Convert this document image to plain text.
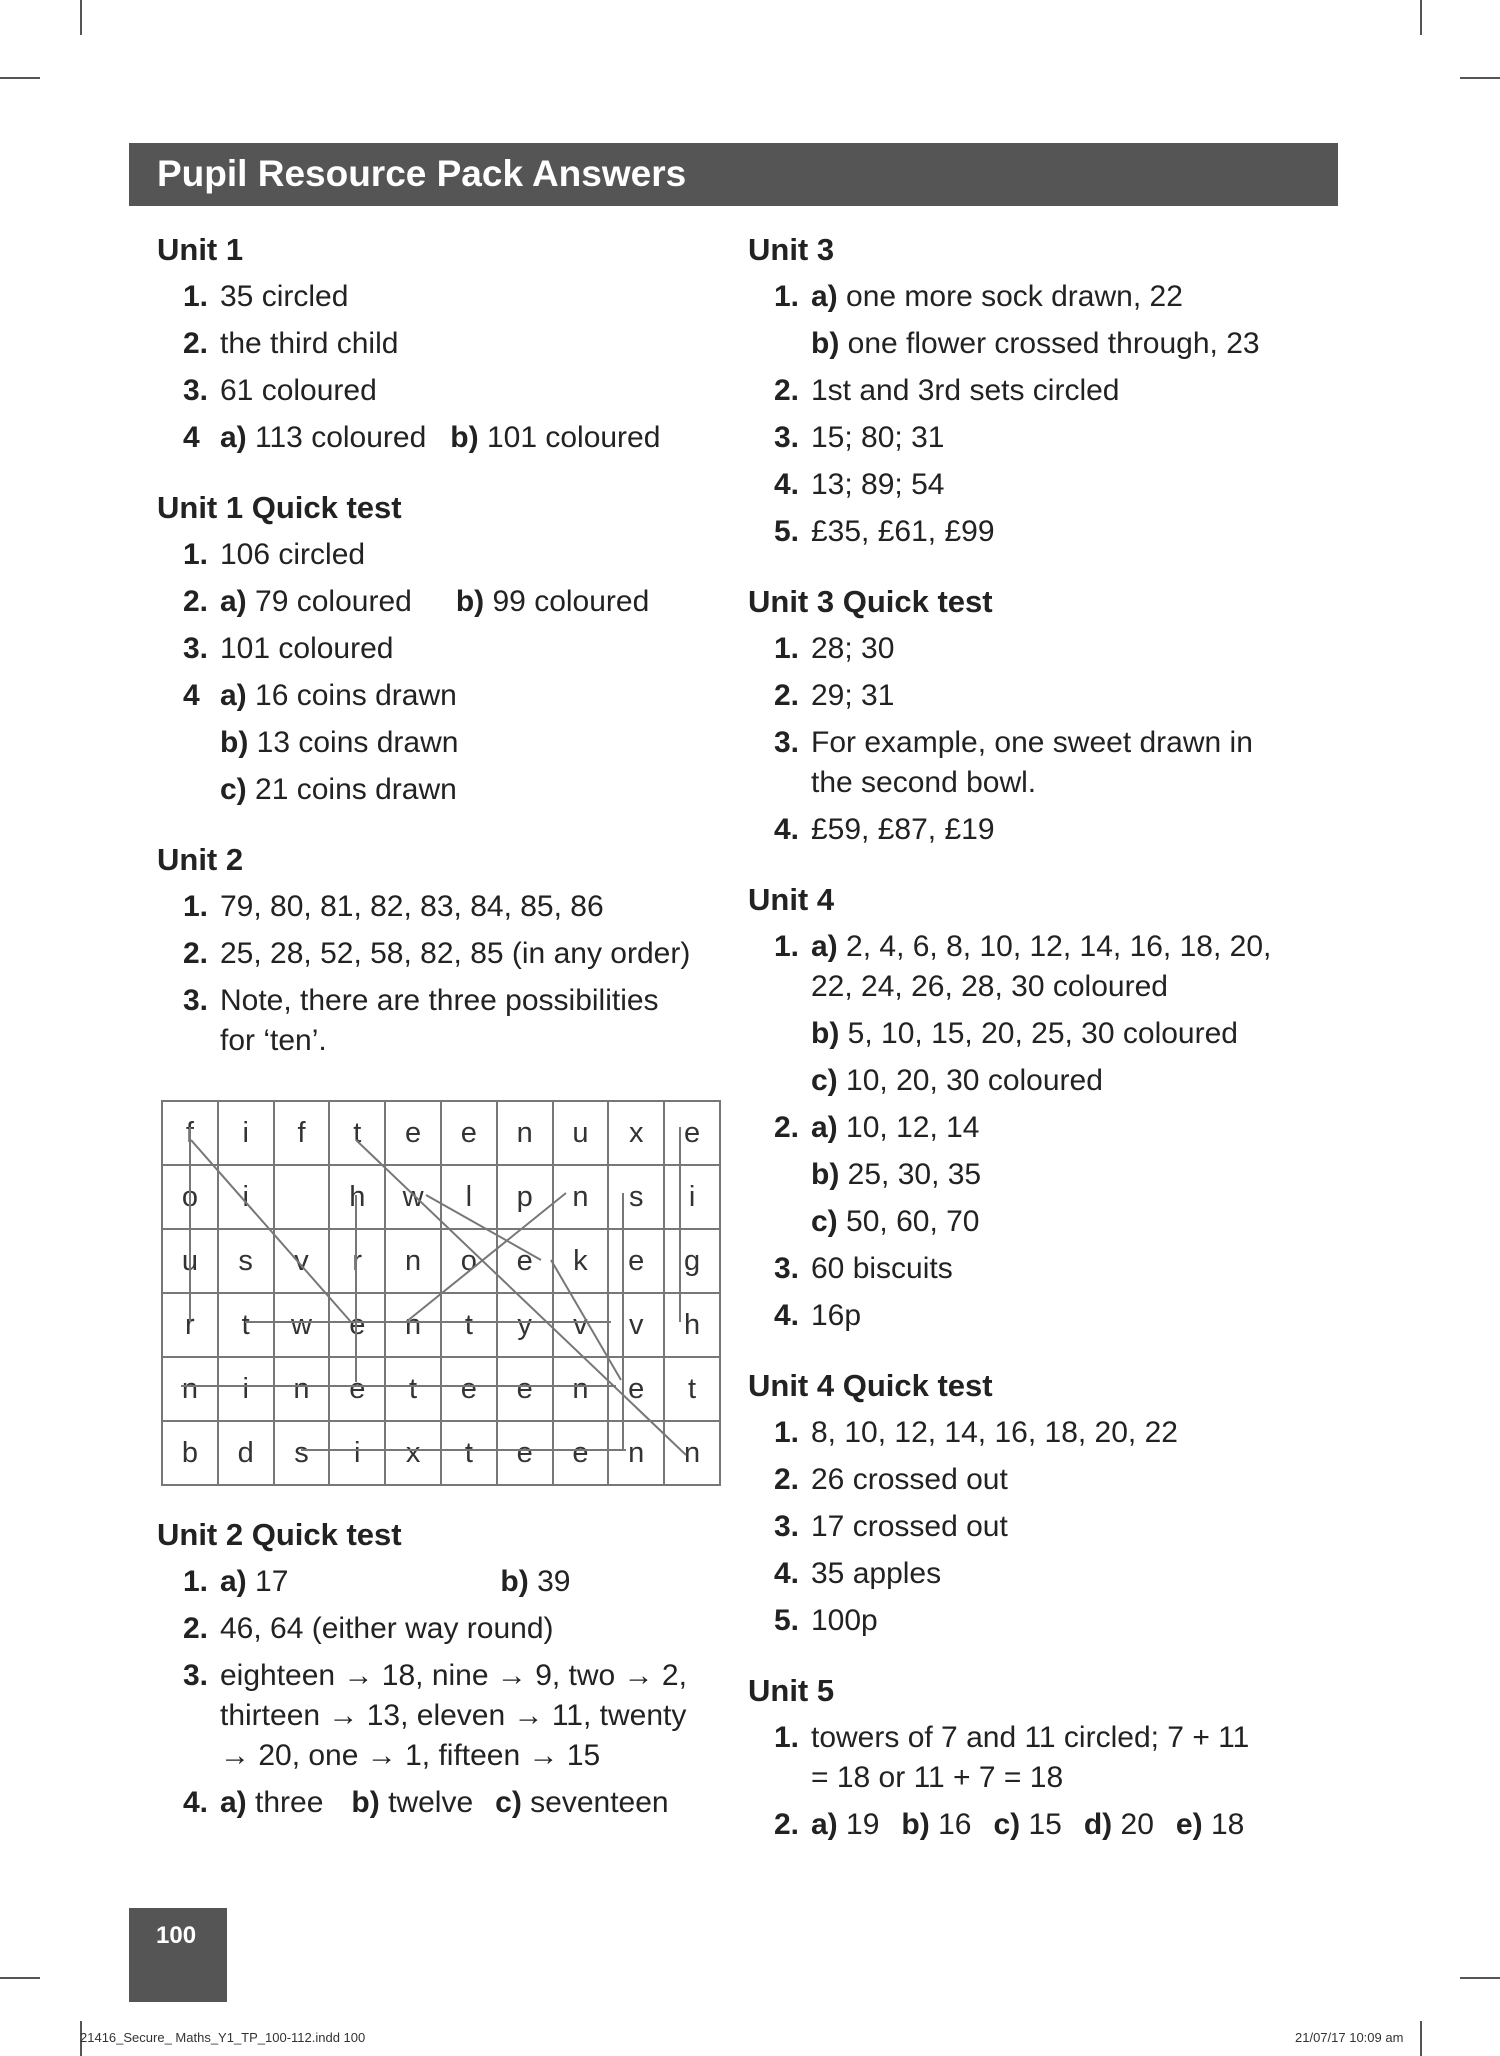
Pupil Resource Pack Answers
Unit 1
1. 35 circled
2. the third child
3. 61 coloured
4 a) 113 coloured b) 101 coloured
Unit 1 Quick test
1. 106 circled
2. a) 79 coloured b) 99 coloured
3. 101 coloured
4 a) 16 coins drawn
b) 13 coins drawn
c) 21 coins drawn
Unit 2
1. 79, 80, 81, 82, 83, 84, 85, 86
2. 25, 28, 52, 58, 82, 85 (in any order)
3. Note, there are three possibilities
for ‘ten’.
f	i	f	t	e	e	n	u	x	e
o	i		h	w	l	p	n	s	i
u	s	v	r	n	o	e	k	e	g
r	t	w	e	n	t	y	v	v	h
n	i	n	e	t	e	e	n	e	t
b	d	s	i	x	t	e	e	n	n
Unit 2 Quick test
1. a) 17	b) 39
2. 46, 64 (either way round)
3. eighteen → 18, nine → 9, two → 2,
thirteen → 13, eleven → 11, twenty
→ 20, one → 1, fifteen → 15
4. a) three b) twelve c) seventeen
Unit 3
1. a) one more sock drawn, 22
b) one flower crossed through, 23
2. 1st and 3rd sets circled
3. 15; 80; 31
4. 13; 89; 54
5. £35, £61, £99
Unit 3 Quick test
1. 28; 30
2. 29; 31
3. For example, one sweet drawn in
the second bowl.
4. £59, £87, £19
Unit 4
1. a) 2, 4, 6, 8, 10, 12, 14, 16, 18, 20,
22, 24, 26, 28, 30 coloured
b) 5, 10, 15, 20, 25, 30 coloured
c) 10, 20, 30 coloured
2. a) 10, 12, 14
b) 25, 30, 35
c) 50, 60, 70
3. 60 biscuits
4. 16p
Unit 4 Quick test
1. 8, 10, 12, 14, 16, 18, 20, 22
2. 26 crossed out
3. 17 crossed out
4. 35 apples
5. 100p
Unit 5
1. towers of 7 and 11 circled; 7 + 11
= 18 or 11 + 7 = 18
2. a) 19 b) 16 c) 15 d) 20 e) 18
100
21416_Secure_ Maths_Y1_TP_100-112.indd 100	21/07/17 10:09 am
